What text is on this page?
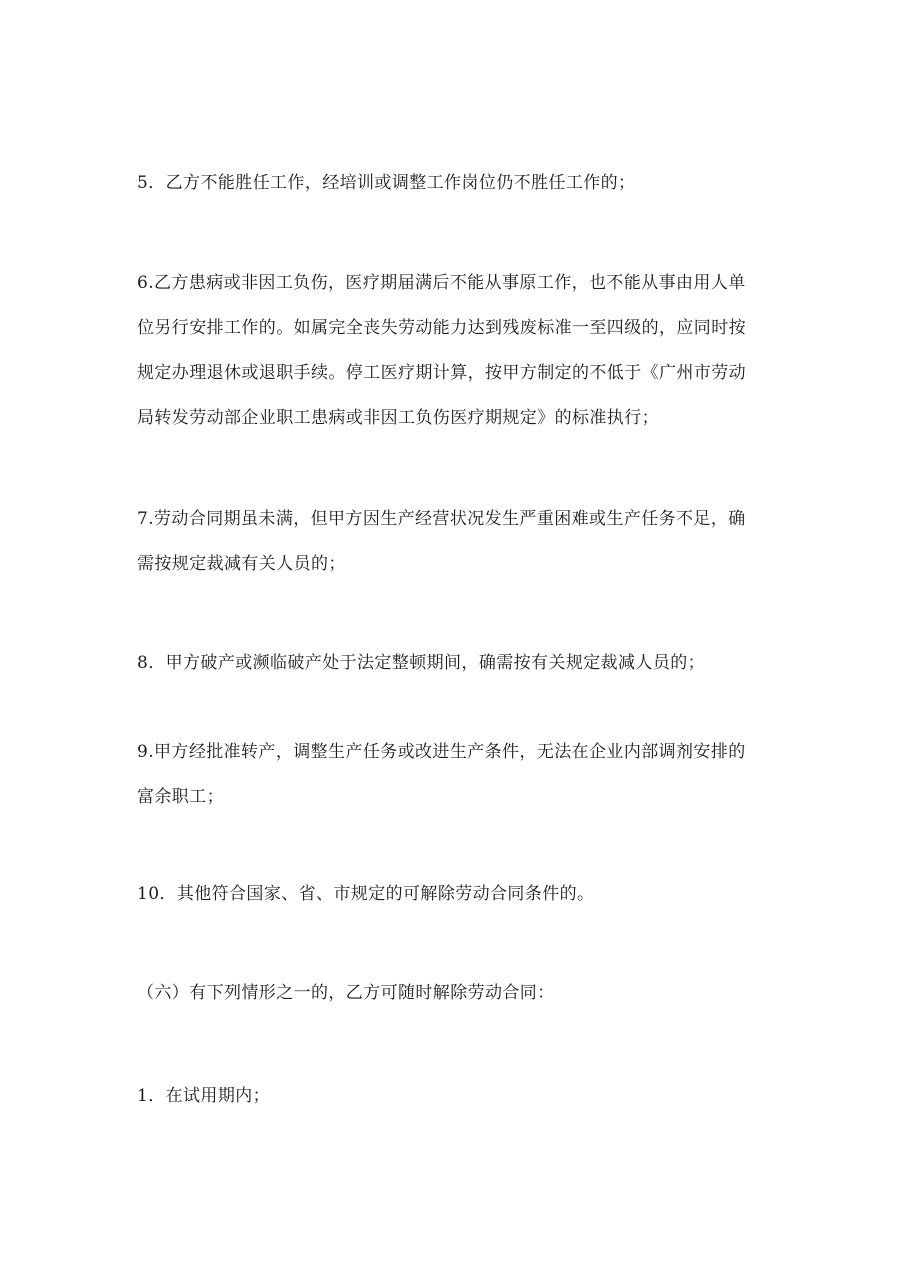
5．乙方不能胜任工作，经培训或调整工作岗位仍不胜任工作的；
6.乙方患病或非因工负伤，医疗期届满后不能从事原工作，也不能从事由用人单
位另行安排工作的。如属完全丧失劳动能力达到残废标准一至四级的，应同时按
规定办理退休或退职手续。停工医疗期计算，按甲方制定的不低于《广州市劳动
局转发劳动部企业职工患病或非因工负伤医疗期规定》的标准执行；
7.劳动合同期虽未满，但甲方因生产经营状况发生严重困难或生产任务不足，确
需按规定裁减有关人员的；
8．甲方破产或濒临破产处于法定整顿期间，确需按有关规定裁减人员的；
9.甲方经批准转产，调整生产任务或改进生产条件，无法在企业内部调剂安排的
富余职工；
10．其他符合国家、省、市规定的可解除劳动合同条件的。
（六）有下列情形之一的，乙方可随时解除劳动合同：
1．在试用期内；
